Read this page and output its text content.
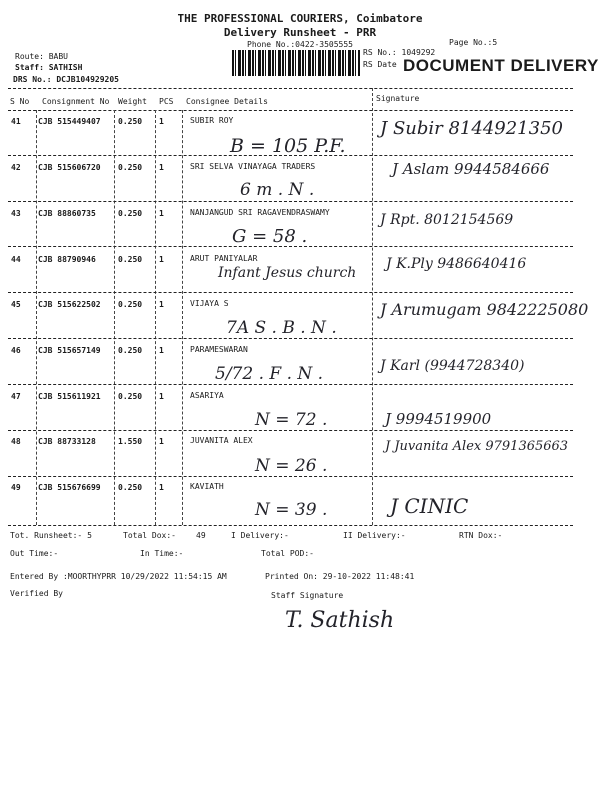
THE PROFESSIONAL COURIERS, Coimbatore
Delivery Runsheet - PRR
Phone No.:0422-3505555	Page No.:5
Route: BABU
Staff: SATHISH
DRS No.: DCJB104929205
RS No.: 1049292
RS Date DOCUMENT DELIVERY
S No Consignment No Weight PCS Consignee Details	Signature
41 CJB 515449407 0.250 1	SUBIR ROY
B = 105 P.F.
J Subir 8144921350
42 CJB 515606720 0.250 1	SRI SELVA VINAYAGA TRADERS
6 m . N .
J Aslam 9944584666
43 CJB 88860735	0.250 1	NANJANGUD SRI RAGAVENDRASWAMY
G = 58 .
J Rpt. 8012154569
44 CJB 88790946	0.250 1	ARUT PANIYALAR
Infant Jesus church
J K.Ply 9486640416
45 CJB 515622502 0.250 1	VIJAYA S
7A S . B . N .
J Arumugam 9842225080
46 CJB 515657149 0.250 1	PARAMESWARAN
5/72 . F . N .	J Karl (9944728340)
47 CJB 515611921 0.250 1	ASARIYA
N = 72 .	J 9994519900
48 CJB 88733128	1.550 1	JUVANITA ALEX
N = 26 .
J Juvanita Alex 9791365663
49 CJB 515676699 0.250 1	KAVIATH
N = 39 .	J CINIC
Tot. Runsheet:- 5	Total Dox:-	49	I Delivery:-	II Delivery:-	RTN Dox:-
Out Time:-	In Time:-	Total POD:-
Entered By :MOORTHYPRR 10/29/2022 11:54:15 AM	Printed On: 29-10-2022 11:48:41
Verified By	Staff Signature
T. Sathish
